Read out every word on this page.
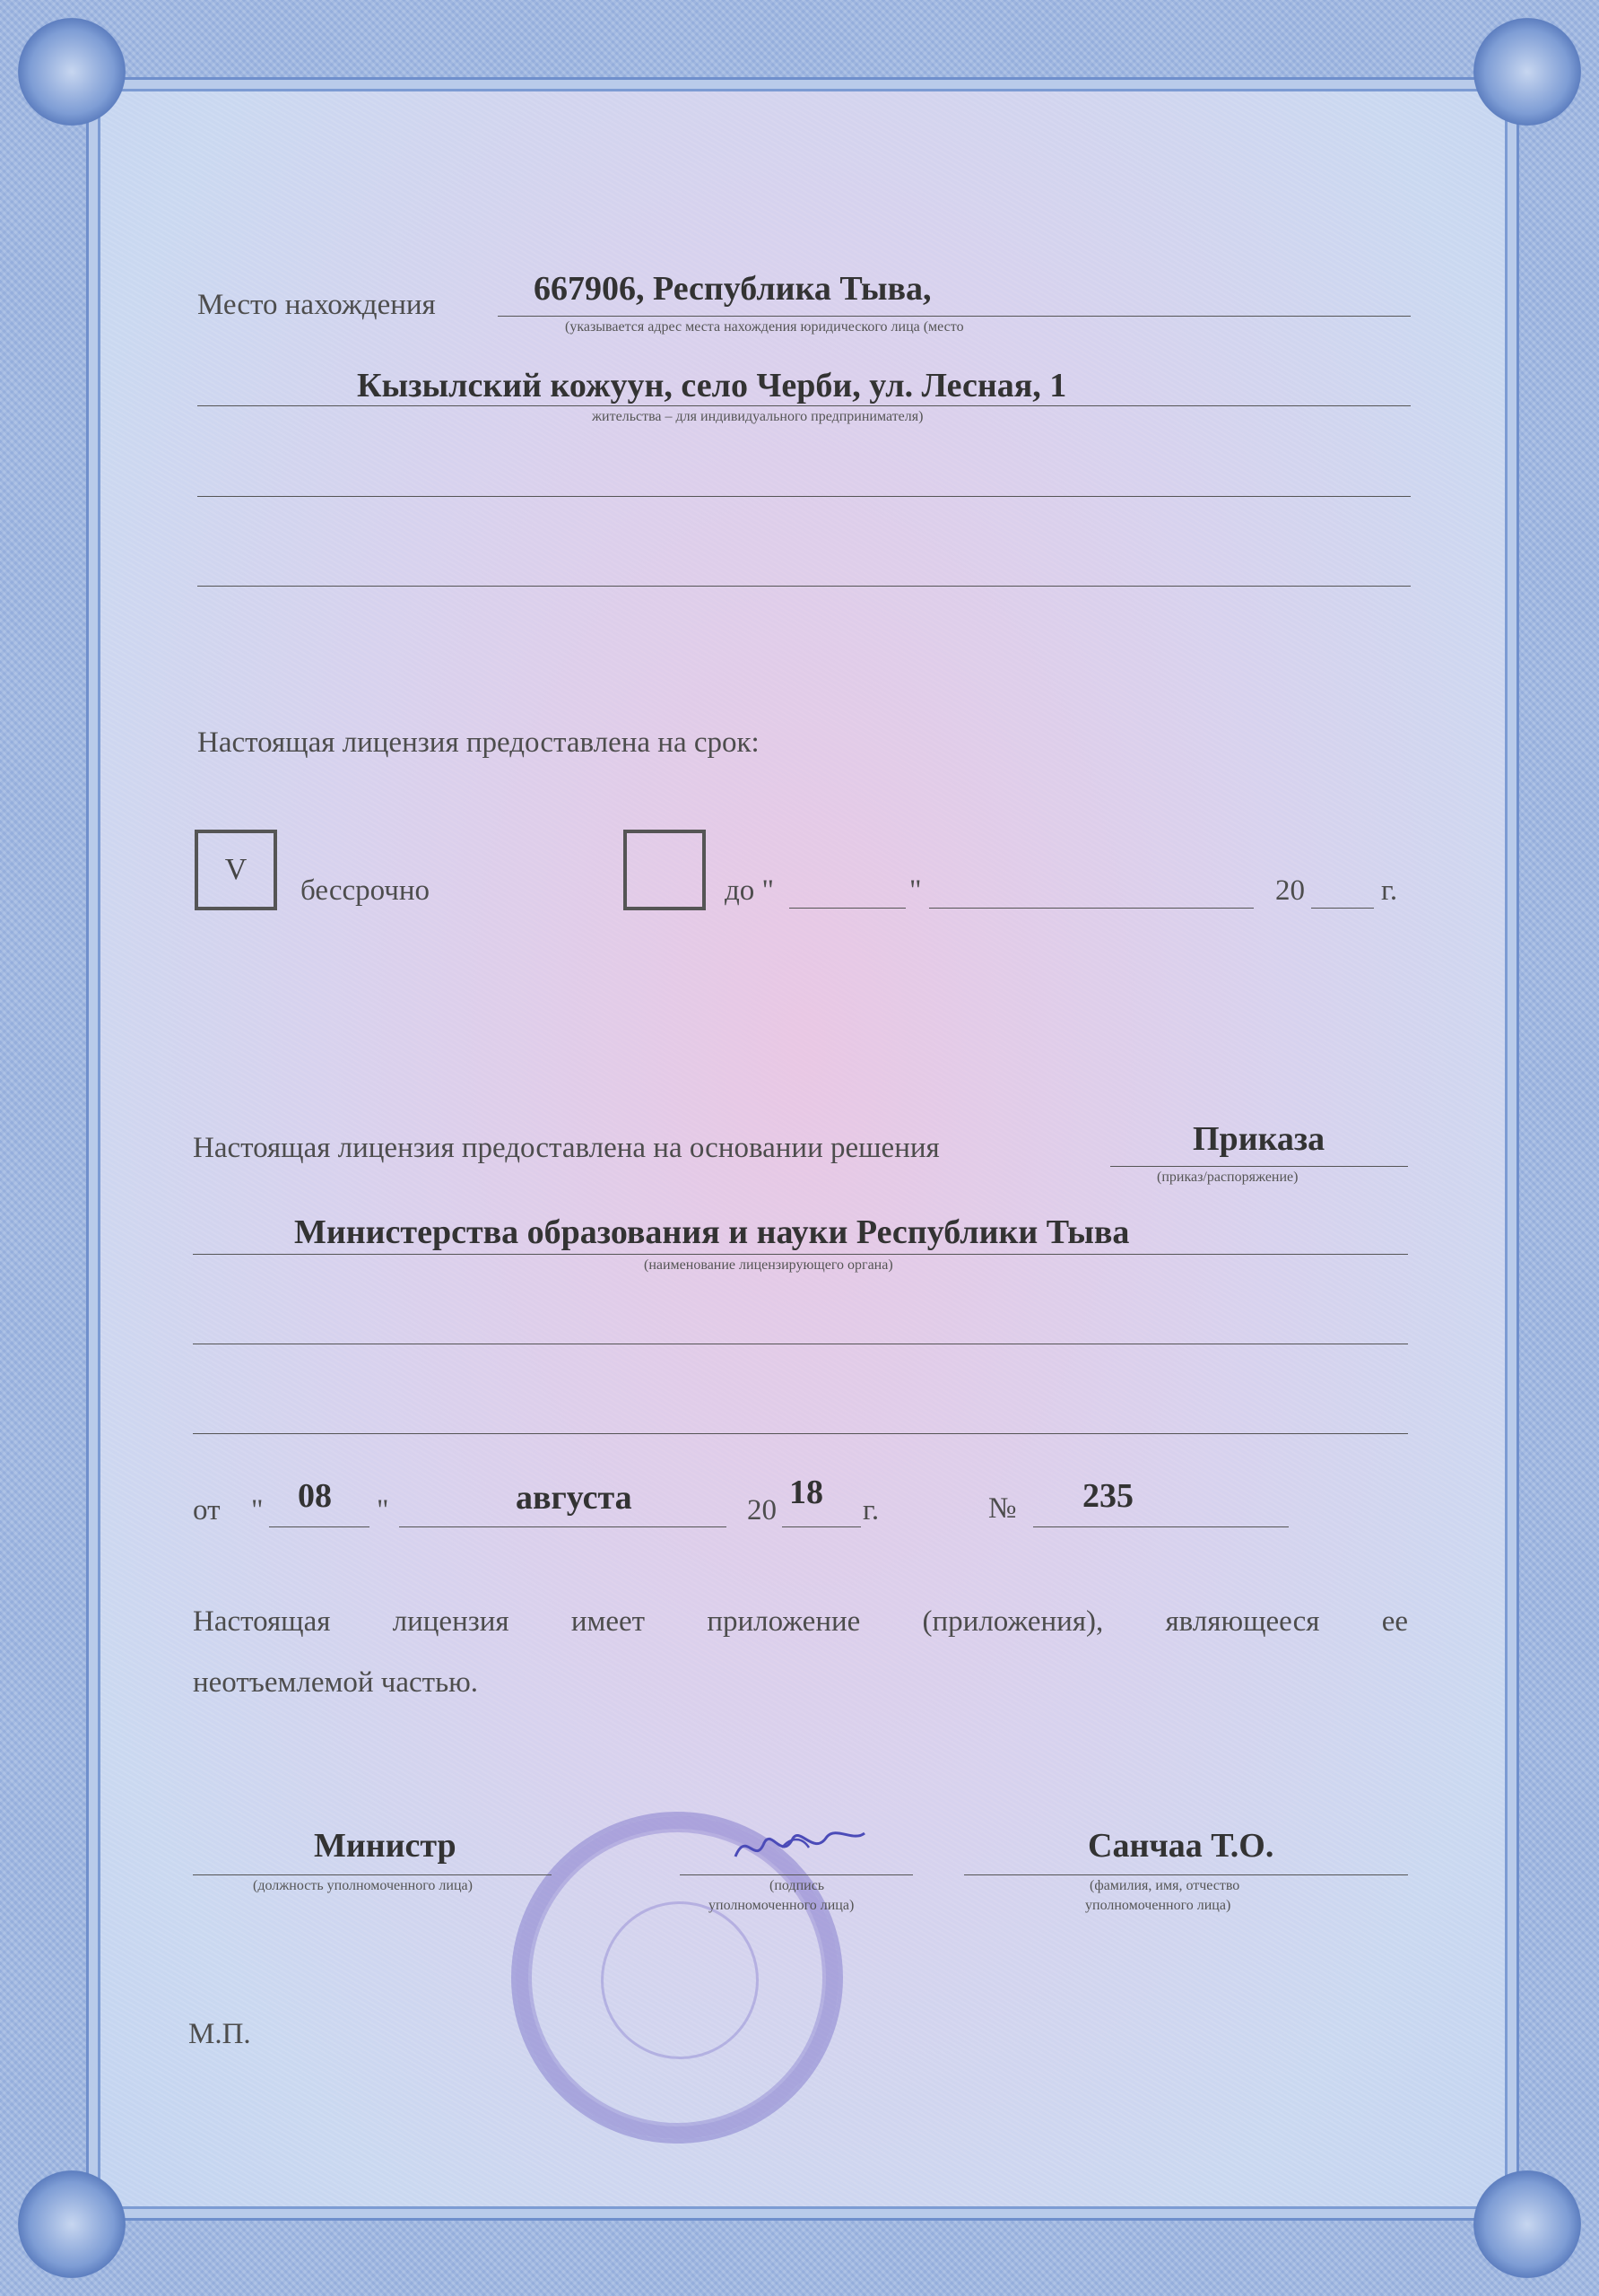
Место нахождения	667906, Республика Тыва,
(указывается адрес места нахождения юридического лица (место
Кызылский кожуун, село Черби, ул. Лесная, 1
жительства – для индивидуального предпринимателя)
Настоящая лицензия предоставлена на срок:
V
бессрочно	до "	"	20	г.
Настоящая лицензия предоставлена на основании решения	Приказа
(приказ/распоряжение)
Министерства образования и науки Республики Тыва
(наименование лицензирующего органа)
от " 08 "	августа	20 18 г.	№ 235
Настоящая лицензия имеет приложение (приложения), являющееся ее
неотъемлемой частью.
Министр
(должность уполномоченного лица)	(подпись
уполномоченного лица)
Санчаа Т.О.
(фамилия, имя, отчество
уполномоченного лица)
М.П.
